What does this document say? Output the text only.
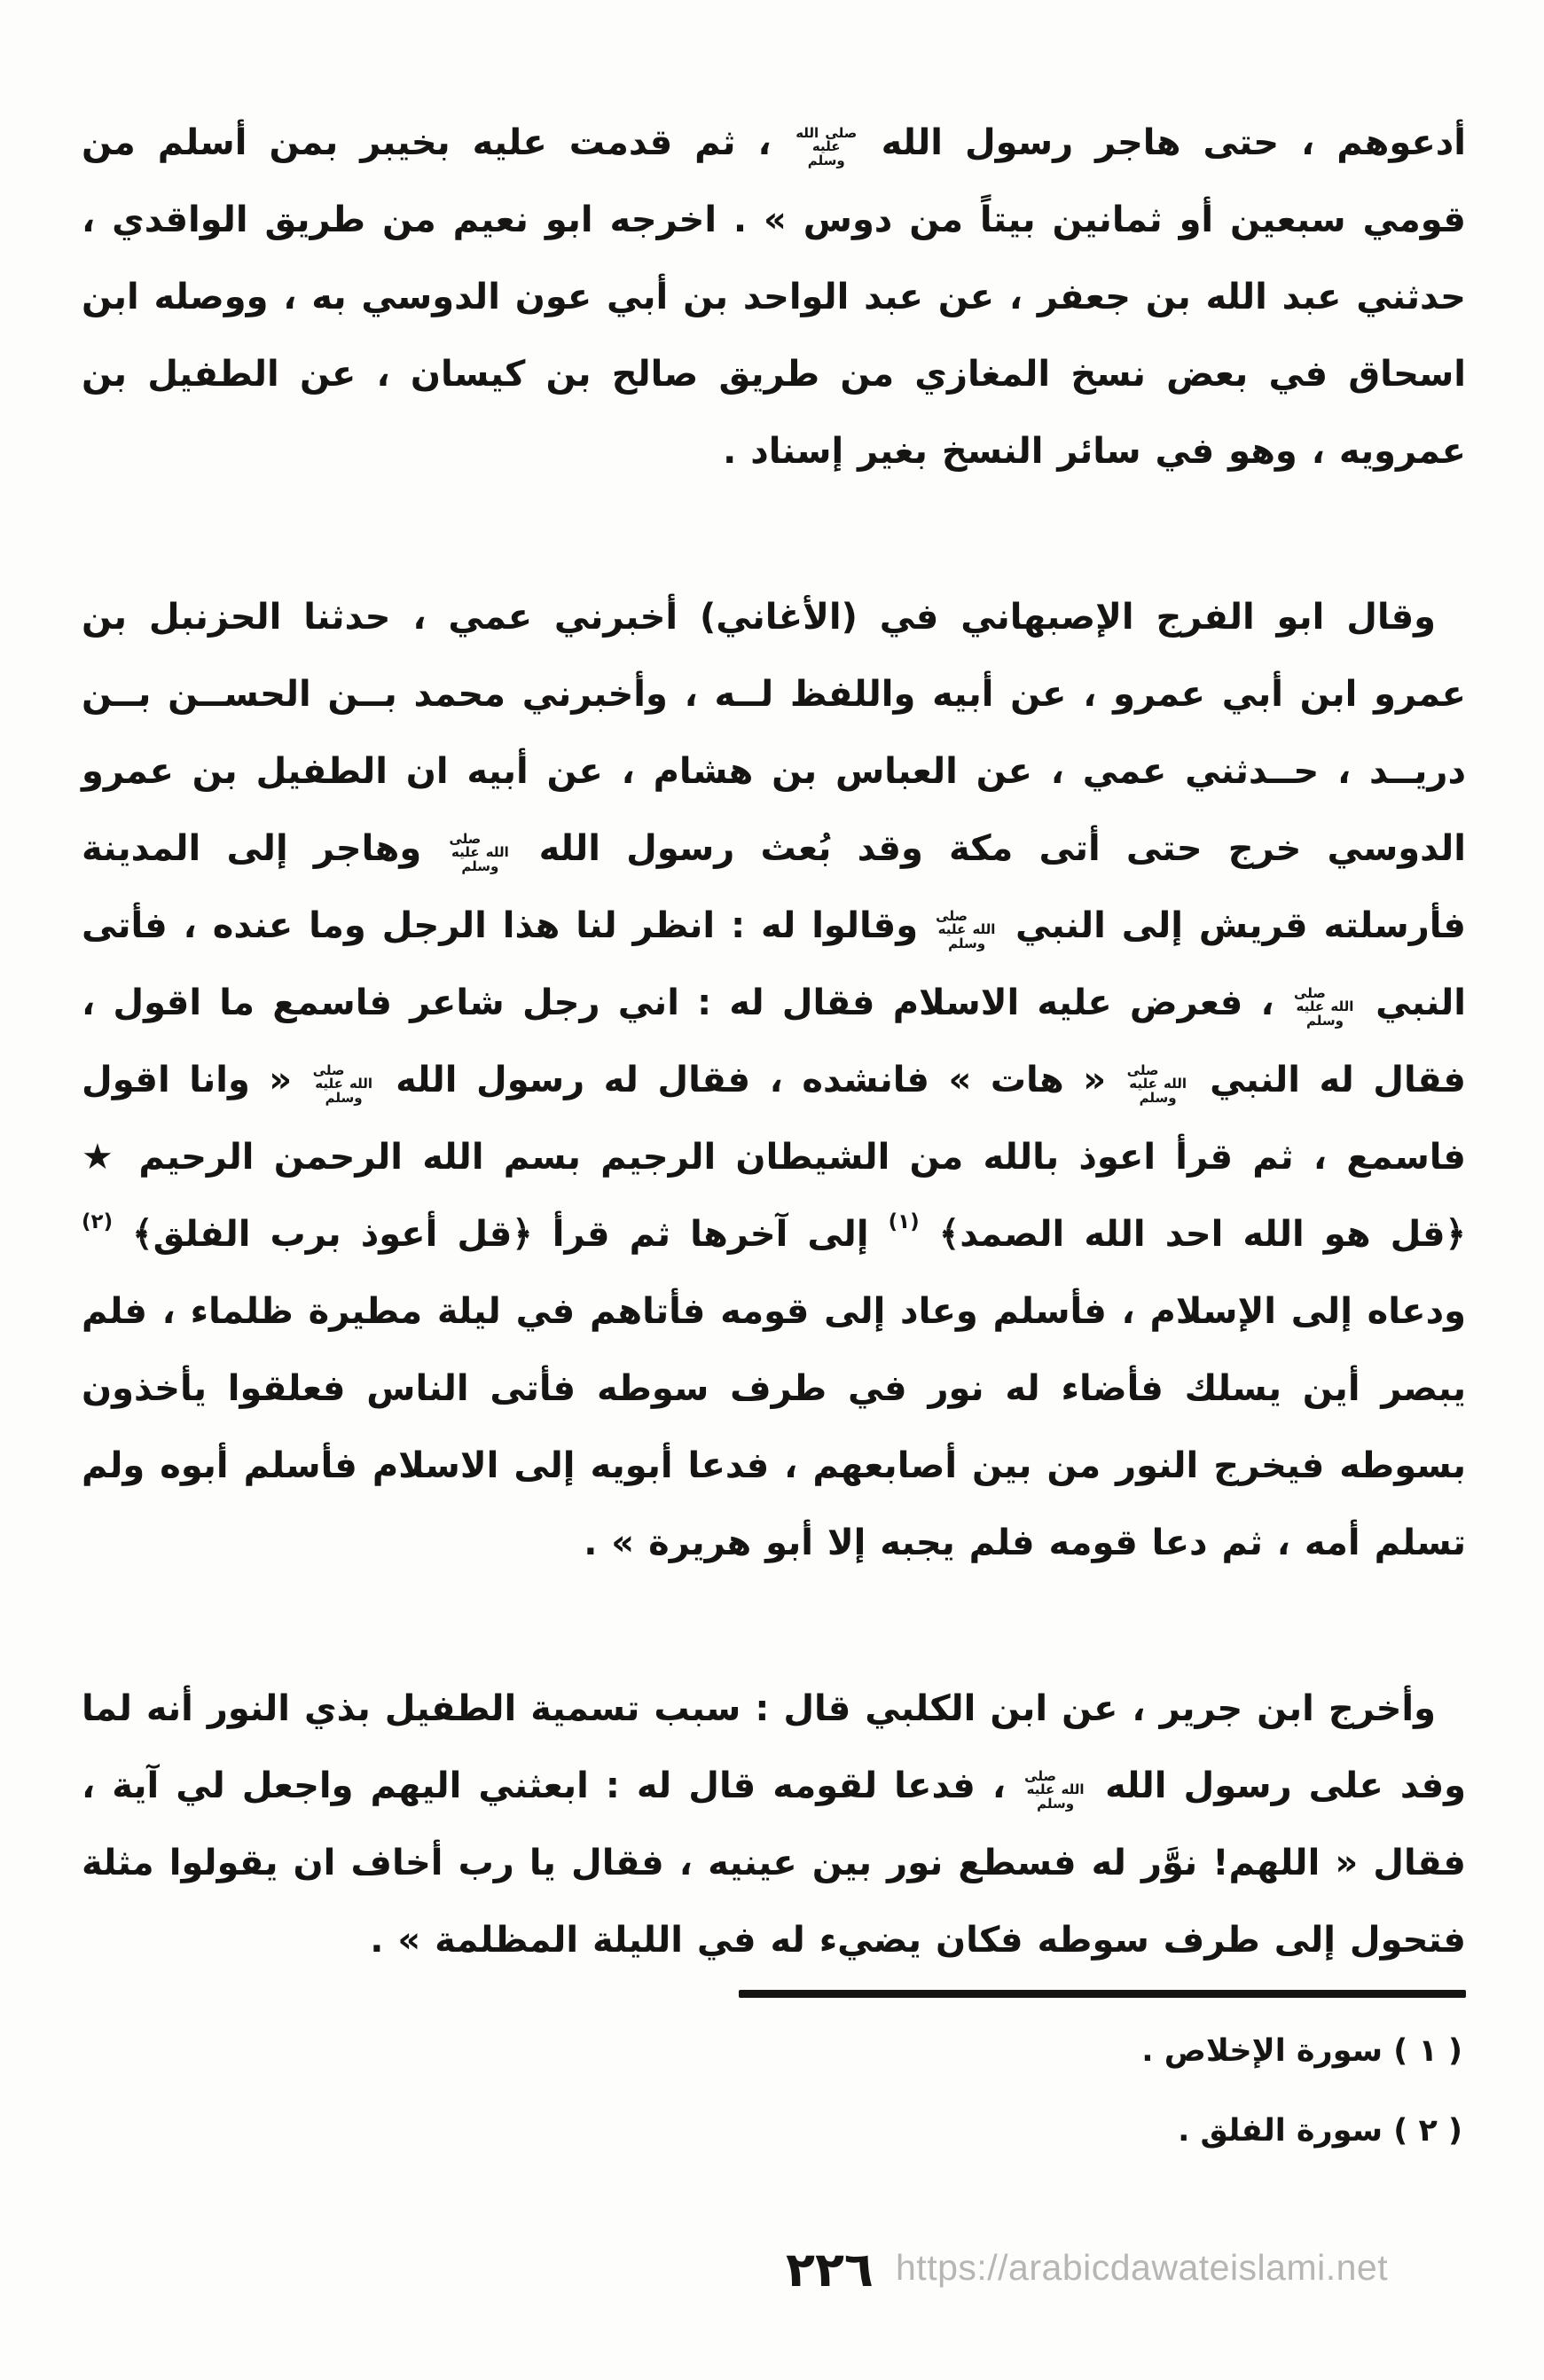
أدعوهم ، حتى هاجر رسول الله صلى الله عليه وسلم ، ثم قدمت عليه بخيبر بمن أسلم من قومي سبعين أو ثمانين بيتاً من دوس » . اخرجه ابو نعيم من طريق الواقدي ، حدثني عبد الله بن جعفر ، عن عبد الواحد بن أبي عون الدوسي به ، ووصله ابن اسحاق في بعض نسخ المغازي من طريق صالح بن كيسان ، عن الطفيل بن عمرويه ، وهو في سائر النسخ بغير إسناد .

وقال ابو الفرج الإصبهاني في (الأغاني) أخبرني عمي ، حدثنا الحزنبل بن عمرو ابن أبي عمرو ، عن أبيه واللفظ لــه ، وأخبرني محمد بــن الحســن بــن دريــد ، حــدثني عمي ، عن العباس بن هشام ، عن أبيه ان الطفيل بن عمرو الدوسي خرج حتى أتى مكة وقد بُعث رسول الله صلى الله عليه وسلم وهاجر إلى المدينة فأرسلته قريش إلى النبي صلى الله عليه وسلم وقالوا له : انظر لنا هذا الرجل وما عنده ، فأتى النبي صلى الله عليه وسلم ، فعرض عليه الاسلام فقال له : اني رجل شاعر فاسمع ما اقول ، فقال له النبي صلى الله عليه وسلم « هات » فانشده ، فقال له رسول الله صلى الله عليه وسلم « وانا اقول فاسمع ، ثم قرأ اعوذ بالله من الشيطان الرجيم بسم الله الرحمن الرحيم ★ ﴿قل هو الله احد الله الصمد﴾ $^{(١)}$ إلى آخرها ثم قرأ ﴿قل أعوذ برب الفلق﴾ $^{(٢)}$ ودعاه إلى الإسلام ، فأسلم وعاد إلى قومه فأتاهم في ليلة مطيرة ظلماء ، فلم يبصر أين يسلك فأضاء له نور في طرف سوطه فأتى الناس فعلقوا يأخذون بسوطه فيخرج النور من بين أصابعهم ، فدعا أبويه إلى الاسلام فأسلم أبوه ولم تسلم أمه ، ثم دعا قومه فلم يجبه إلا أبو هريرة » .

وأخرج ابن جرير ، عن ابن الكلبي قال : سبب تسمية الطفيل بذي النور أنه لما وفد على رسول الله صلى الله عليه وسلم ، فدعا لقومه قال له : ابعثني اليهم واجعل لي آية ، فقال « اللهم! نوَّر له فسطع نور بين عينيه ، فقال يا رب أخاف ان يقولوا مثلة فتحول إلى طرف سوطه فكان يضيء له في الليلة المظلمة » .

( ١ ) سورة الإخلاص .
( ٢ ) سورة الفلق .
٢٢٦ https://arabicdawateislami.net
